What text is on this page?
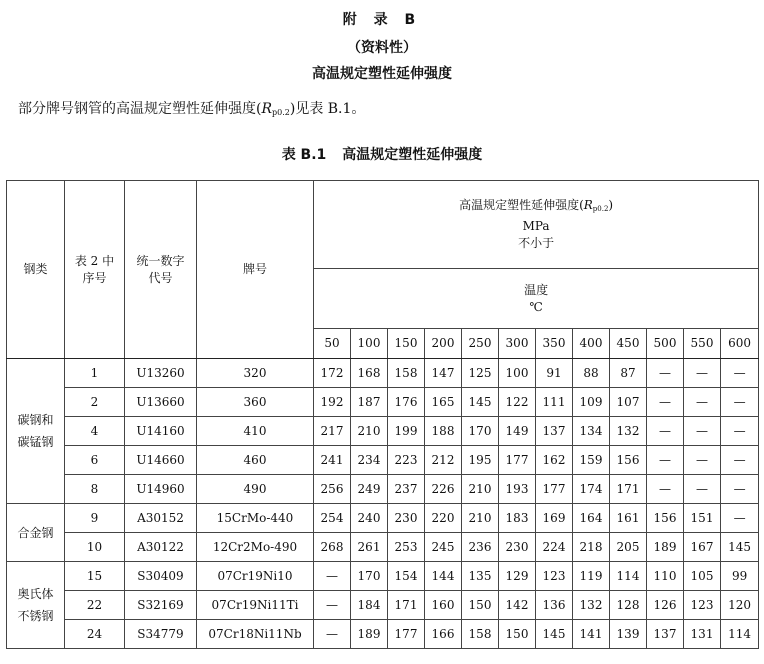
附 录 B
（资料性）
高温规定塑性延伸强度
部分牌号钢管的高温规定塑性延伸强度$(R_{p0.2})$见表 B.1。
表 B.1 高温规定塑性延伸强度
钢类	表 2 中序号	统一数字代号	牌号	高温规定塑性延伸强度$(R_{p0.2})$
MPa
不小于											

				温度
℃											

				50	100	150	200	250	300	350	400	450	500	550	600

碳钢和碳锰钢	1	U13260	320	172	168	158	147	125	100	91	88	87	—	—	—
	2	U13660	360	192	187	176	165	145	122	111	109	107	—	—	—
	4	U14160	410	217	210	199	188	170	149	137	134	132	—	—	—
	6	U14660	460	241	234	223	212	195	177	162	159	156	—	—	—
	8	U14960	490	256	249	237	226	210	193	177	174	171	—	—	—

合金钢	9	A30152	15CrMo-440	254	240	230	220	210	183	169	164	161	156	151	—
	10	A30122	12Cr2Mo-490	268	261	253	245	236	230	224	218	205	189	167	145

奥氏体不锈钢	15	S30409	07Cr19Ni10	—	170	154	144	135	129	123	119	114	110	105	99
	22	S32169	07Cr19Ni11Ti	—	184	171	160	150	142	136	132	128	126	123	120
	24	S34779	07Cr18Ni11Nb	—	189	177	166	158	150	145	141	139	137	131	114
